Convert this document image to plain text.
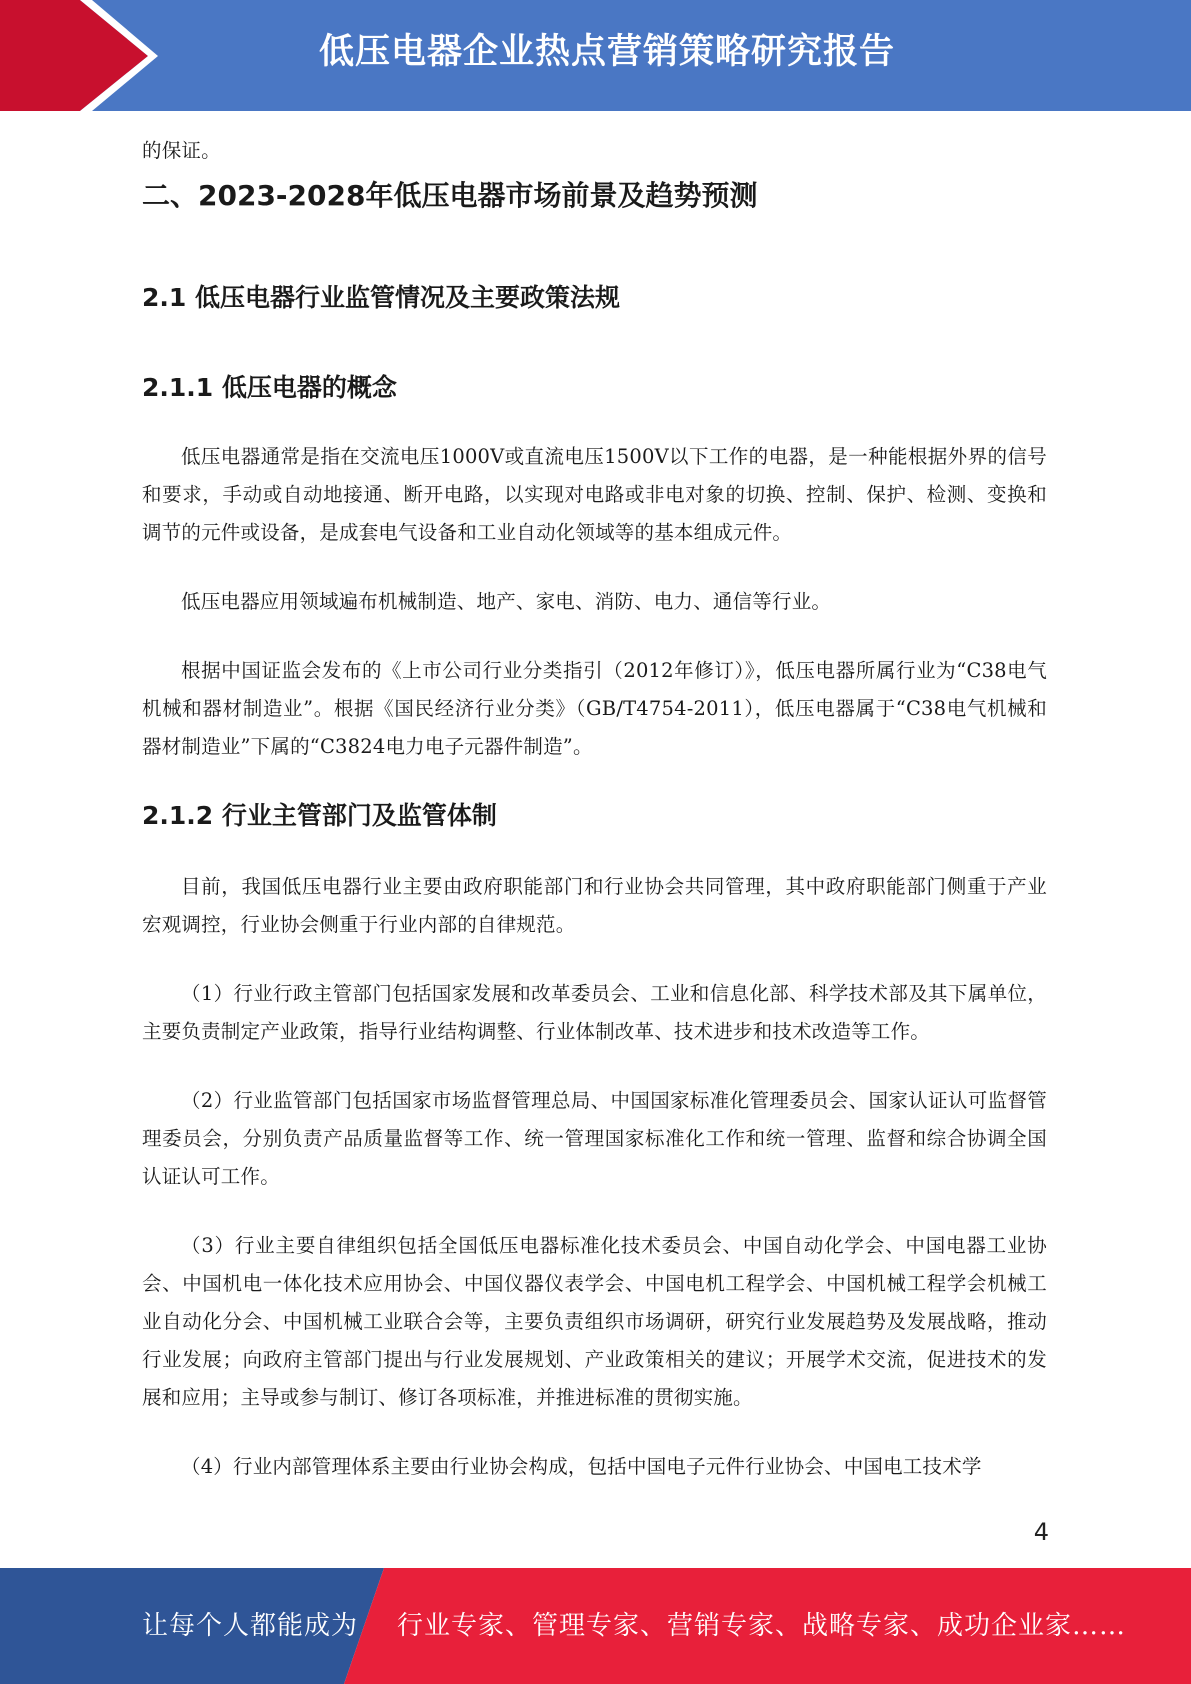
低压电器企业热点营销策略研究报告

的保证。

二、2023-2028年低压电器市场前景及趋势预测
2.1 低压电器行业监管情况及主要政策法规
2.1.1 低压电器的概念

低压电器通常是指在交流电压1000V或直流电压1500V以下工作的电器，是一种能根据外界的信号和要求，手动或自动地接通、断开电路，以实现对电路或非电对象的切换、控制、保护、检测、变换和调节的元件或设备，是成套电气设备和工业自动化领域等的基本组成元件。

低压电器应用领域遍布机械制造、地产、家电、消防、电力、通信等行业。

根据中国证监会发布的《上市公司行业分类指引（2012年修订）》，低压电器所属行业为“C38电气机械和器材制造业”。根据《国民经济行业分类》（GB/T4754-2011），低压电器属于“C38电气机械和器材制造业”下属的“C3824电力电子元器件制造”。

2.1.2 行业主管部门及监管体制

目前，我国低压电器行业主要由政府职能部门和行业协会共同管理，其中政府职能部门侧重于产业宏观调控，行业协会侧重于行业内部的自律规范。

（1）行业行政主管部门包括国家发展和改革委员会、工业和信息化部、科学技术部及其下属单位，主要负责制定产业政策，指导行业结构调整、行业体制改革、技术进步和技术改造等工作。

（2）行业监管部门包括国家市场监督管理总局、中国国家标准化管理委员会、国家认证认可监督管理委员会，分别负责产品质量监督等工作、统一管理国家标准化工作和统一管理、监督和综合协调全国认证认可工作。

（3）行业主要自律组织包括全国低压电器标准化技术委员会、中国自动化学会、中国电器工业协会、中国机电一体化技术应用协会、中国仪器仪表学会、中国电机工程学会、中国机械工程学会机械工业自动化分会、中国机械工业联合会等，主要负责组织市场调研，研究行业发展趋势及发展战略，推动行业发展；向政府主管部门提出与行业发展规划、产业政策相关的建议；开展学术交流，促进技术的发展和应用；主导或参与制订、修订各项标准，并推进标准的贯彻实施。

（4）行业内部管理体系主要由行业协会构成，包括中国电子元件行业协会、中国电工技术学

4
让每个人都能成为 行业专家、管理专家、营销专家、战略专家、成功企业家……
